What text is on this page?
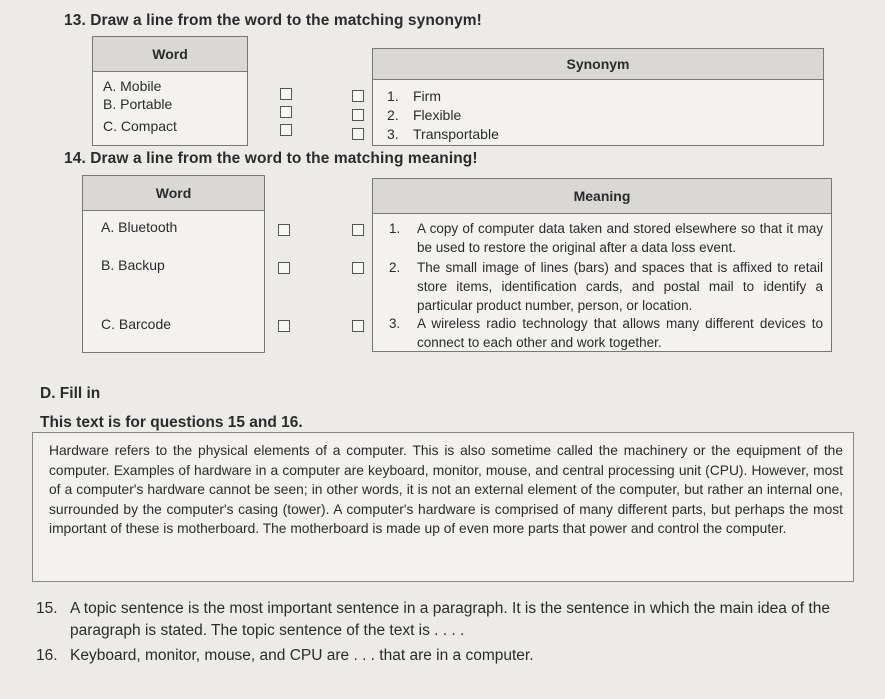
13. Draw a line from the word to the matching synonym!
Word
A. Mobile
B. Portable
C. Compact
Synonym
1. Firm
2. Flexible
3. Transportable
14. Draw a line from the word to the matching meaning!
Word
A. Bluetooth
B. Backup
C. Barcode
Meaning
1. A copy of computer data taken and stored elsewhere so that it may be used to restore the original after a data loss event.
2. The small image of lines (bars) and spaces that is affixed to retail store items, identification cards, and postal mail to identify a particular product number, person, or location.
3. A wireless radio technology that allows many different devices to connect to each other and work together.
D. Fill in
This text is for questions 15 and 16.
Hardware refers to the physical elements of a computer. This is also sometime called the machinery or the equipment of the computer. Examples of hardware in a computer are keyboard, monitor, mouse, and central processing unit (CPU). However, most of a computer's hardware cannot be seen; in other words, it is not an external element of the computer, but rather an internal one, surrounded by the computer's casing (tower). A computer's hardware is comprised of many different parts, but perhaps the most important of these is motherboard. The motherboard is made up of even more parts that power and control the computer.
15. A topic sentence is the most important sentence in a paragraph. It is the sentence in which the main idea of the paragraph is stated. The topic sentence of the text is . . . .
16. Keyboard, monitor, mouse, and CPU are . . . that are in a computer.
